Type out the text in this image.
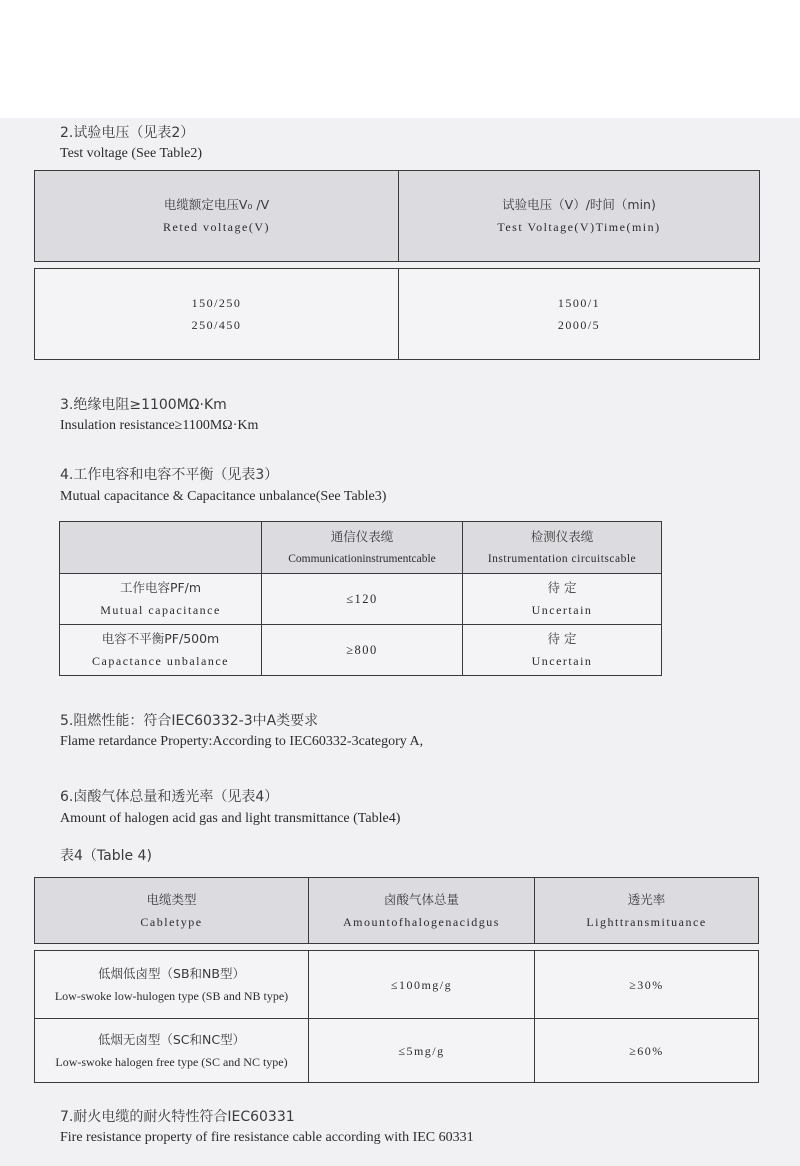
2.试验电压（见表2）
Test voltage (See Table2)
电缆额定电压V₀ /V
Reted voltage(V)
试验电压（V）/时间（min)
Test Voltage(V)Time(min)
150/250
250/450
1500/1
2000/5
3.绝缘电阻≥1100MΩ·Km
Insulation resistance≥1100MΩ·Km
4.工作电容和电容不平衡（见表3）
Mutual capacitance & Capacitance unbalance(See Table3)
通信仪表缆
Communicationinstrumentcable
检测仪表缆
Instrumentation circuitscable
工作电容PF/m
Mutual capacitance
≤120
待 定
Uncertain
电容不平衡PF/500m
Capactance unbalance
≥800
待 定
Uncertain
5.阻燃性能：符合IEC60332-3中A类要求
Flame retardance Property:According to IEC60332-3category A,
6.卤酸气体总量和透光率（见表4）
Amount of halogen acid gas and light transmittance (Table4)
表4（Table 4)
电缆类型
Cabletype
卤酸气体总量
Amountofhalogenacidgus
透光率
Lighttransmituance
低烟低卤型（SB和NB型）
Low-swoke low-hulogen type (SB and NB type)
≤100mg/g	≥30%
低烟无卤型（SC和NC型）
Low-swoke halogen free type (SC and NC type)
≤5mg/g	≥60%
7.耐火电缆的耐火特性符合IEC60331
Fire resistance property of fire resistance cable according with IEC 60331
